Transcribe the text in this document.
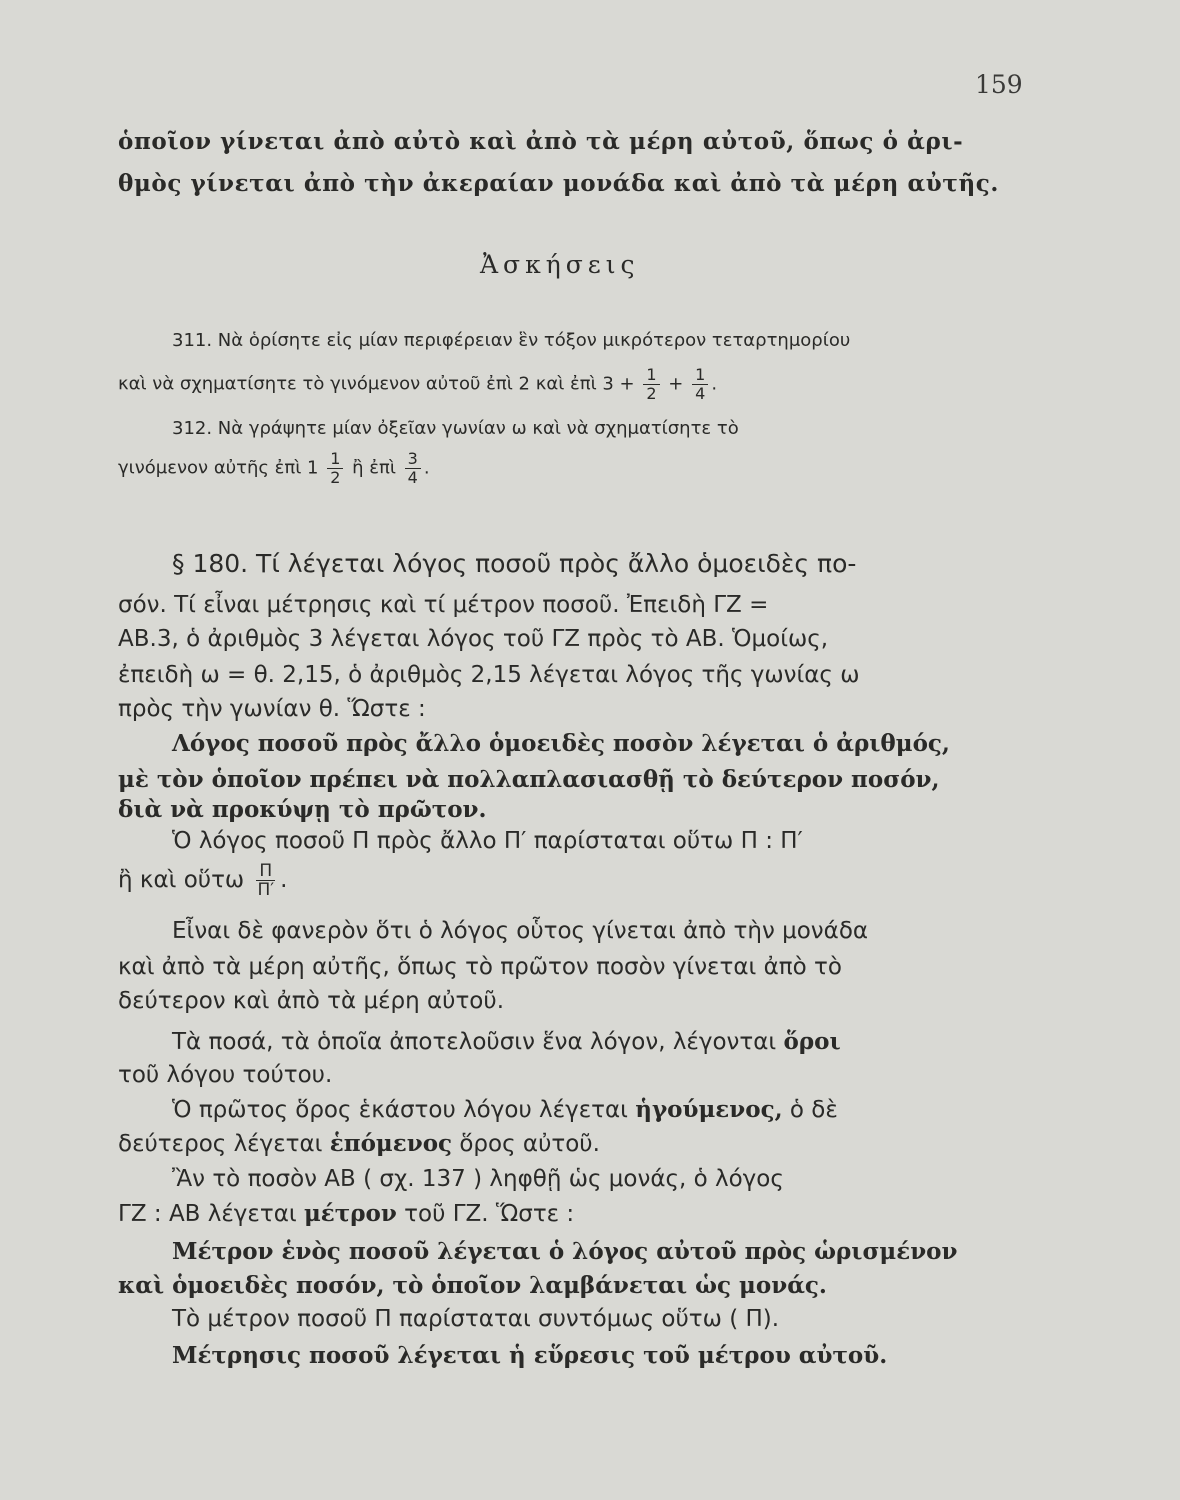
159
ὁποῖον γίνεται ἀπὸ αὐτὸ καὶ ἀπὸ τὰ μέρη αὐτοῦ, ὅπως ὁ ἀρι-
θμὸς γίνεται ἀπὸ τὴν ἀκεραίαν μονάδα καὶ ἀπὸ τὰ μέρη αὐτῆς.
Ἀσκήσεις
311. Νὰ ὁρίσητε εἰς μίαν περιφέρειαν ἓν τόξον μικρότερον τεταρτημορίου
καὶ νὰ σχηματίσητε τὸ γινόμενον αὐτοῦ ἐπὶ 2 καὶ ἐπὶ $3 + \frac{1}{2} + \frac{1}{4}$ .
312. Νὰ γράψητε μίαν ὀξεῖαν γωνίαν ω καὶ νὰ σχηματίσητε τὸ
γινόμενον αὐτῆς ἐπὶ $1 \frac{1}{2}$ ἢ ἐπὶ $\frac{3}{4}$ .
§ 180. Τί λέγεται λόγος ποσοῦ πρὸς ἄλλο ὁμοειδὲς πο-
σόν. Τί εἶναι μέτρησις καὶ τί μέτρον ποσοῦ. Ἐπειδὴ ΓΖ =
ΑΒ.3, ὁ ἀριθμὸς 3 λέγεται λόγος τοῦ ΓΖ πρὸς τὸ ΑΒ. Ὁμοίως,
ἐπειδὴ ω = θ. 2,15, ὁ ἀριθμὸς 2,15 λέγεται λόγος τῆς γωνίας ω
πρὸς τὴν γωνίαν θ. Ὥστε :
Λόγος ποσοῦ πρὸς ἄλλο ὁμοειδὲς ποσὸν λέγεται ὁ ἀριθμός,
μὲ τὸν ὁποῖον πρέπει νὰ πολλαπλασιασθῇ τὸ δεύτερον ποσόν,
διὰ νὰ προκύψῃ τὸ πρῶτον.
Ὁ λόγος ποσοῦ Π πρὸς ἄλλο Π′ παρίσταται οὕτω Π : Π′
ἢ καὶ οὕτω $\frac{\Pi}{\Pi'}$ .
Εἶναι δὲ φανερὸν ὅτι ὁ λόγος οὗτος γίνεται ἀπὸ τὴν μονάδα
καὶ ἀπὸ τὰ μέρη αὐτῆς, ὅπως τὸ πρῶτον ποσὸν γίνεται ἀπὸ τὸ
δεύτερον καὶ ἀπὸ τὰ μέρη αὐτοῦ.
Τὰ ποσά, τὰ ὁποῖα ἀποτελοῦσιν ἕνα λόγον, λέγονται ὅροι
τοῦ λόγου τούτου.
Ὁ πρῶτος ὅρος ἑκάστου λόγου λέγεται ἡγούμενος, ὁ δὲ
δεύτερος λέγεται ἑπόμενος ὅρος αὐτοῦ.
Ἂν τὸ ποσὸν ΑΒ ( σχ. 137 ) ληφθῇ ὡς μονάς, ὁ λόγος
ΓΖ : ΑΒ λέγεται μέτρον τοῦ ΓΖ. Ὥστε :
Μέτρον ἑνὸς ποσοῦ λέγεται ὁ λόγος αὐτοῦ πρὸς ὡρισμένον
καὶ ὁμοειδὲς ποσόν, τὸ ὁποῖον λαμβάνεται ὡς μονάς.
Τὸ μέτρον ποσοῦ Π παρίσταται συντόμως οὕτω ( Π).
Μέτρησις ποσοῦ λέγεται ἡ εὕρεσις τοῦ μέτρου αὐτοῦ.
